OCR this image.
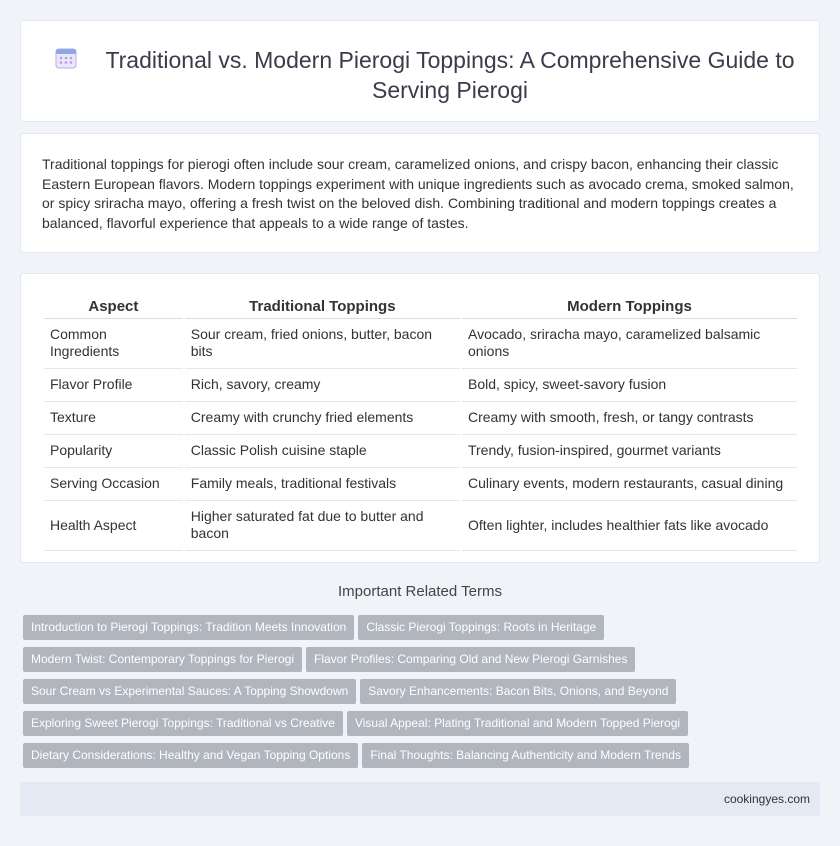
Traditional vs. Modern Pierogi Toppings: A Comprehensive Guide to Serving Pierogi

Traditional toppings for pierogi often include sour cream, caramelized onions, and crispy bacon, enhancing their classic Eastern European flavors. Modern toppings experiment with unique ingredients such as avocado crema, smoked salmon, or spicy sriracha mayo, offering a fresh twist on the beloved dish. Combining traditional and modern toppings creates a balanced, flavorful experience that appeals to a wide range of tastes.

Aspect	Traditional Toppings	Modern Toppings
Common Ingredients	Sour cream, fried onions, butter, bacon bits	Avocado, sriracha mayo, caramelized balsamic onions
Flavor Profile	Rich, savory, creamy	Bold, spicy, sweet-savory fusion
Texture	Creamy with crunchy fried elements	Creamy with smooth, fresh, or tangy contrasts
Popularity	Classic Polish cuisine staple	Trendy, fusion-inspired, gourmet variants
Serving Occasion	Family meals, traditional festivals	Culinary events, modern restaurants, casual dining
Health Aspect	Higher saturated fat due to butter and bacon	Often lighter, includes healthier fats like avocado
Important Related Terms
Introduction to Pierogi Toppings: Tradition Meets Innovation Classic Pierogi Toppings: Roots in Heritage
Modern Twist: Contemporary Toppings for Pierogi Flavor Profiles: Comparing Old and New Pierogi Garnishes
Sour Cream vs Experimental Sauces: A Topping Showdown Savory Enhancements: Bacon Bits, Onions, and Beyond
Exploring Sweet Pierogi Toppings: Traditional vs Creative Visual Appeal: Plating Traditional and Modern Topped Pierogi
Dietary Considerations: Healthy and Vegan Topping Options Final Thoughts: Balancing Authenticity and Modern Trends
cookingyes.com
